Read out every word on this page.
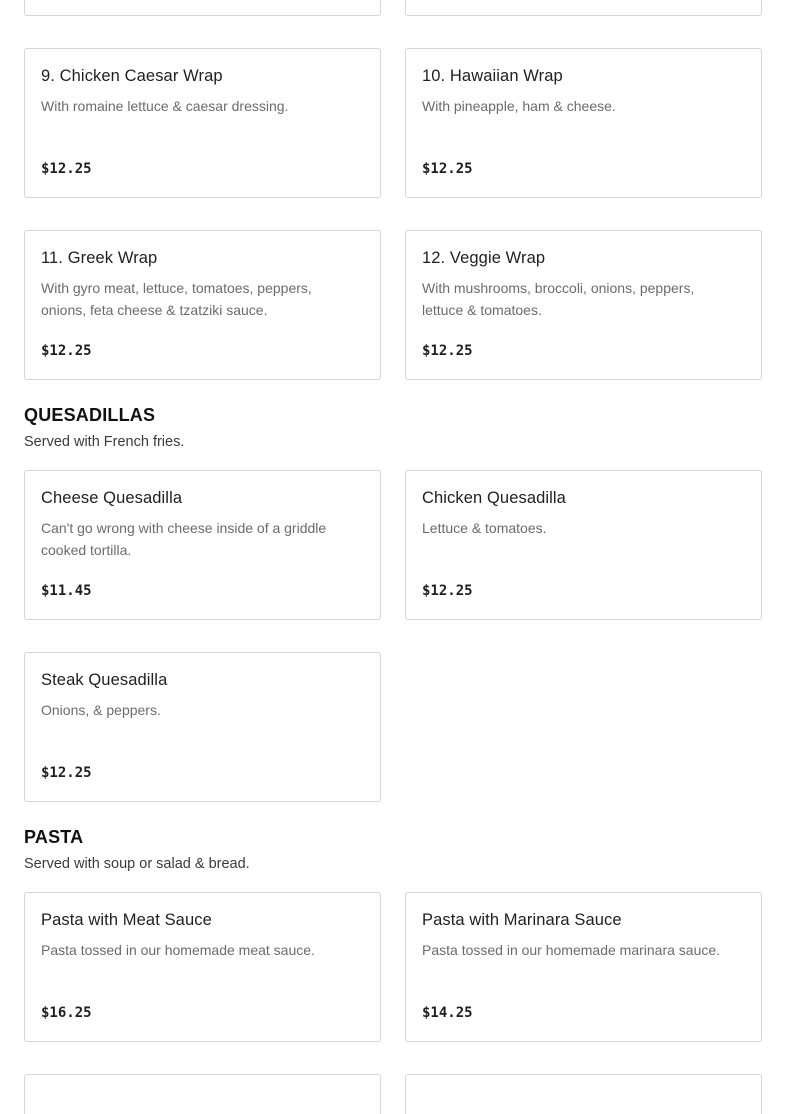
9. Chicken Caesar Wrap
With romaine lettuce & caesar dressing.
$12.25
10. Hawaiian Wrap
With pineapple, ham & cheese.
$12.25
11. Greek Wrap
With gyro meat, lettuce, tomatoes, peppers, onions, feta cheese & tzatziki sauce.
$12.25
12. Veggie Wrap
With mushrooms, broccoli, onions, peppers, lettuce & tomatoes.
$12.25
QUESADILLAS
Served with French fries.
Cheese Quesadilla
Can't go wrong with cheese inside of a griddle cooked tortilla.
$11.45
Chicken Quesadilla
Lettuce & tomatoes.
$12.25
Steak Quesadilla
Onions, & peppers.
$12.25
PASTA
Served with soup or salad & bread.
Pasta with Meat Sauce
Pasta tossed in our homemade meat sauce.
$16.25
Pasta with Marinara Sauce
Pasta tossed in our homemade marinara sauce.
$14.25
